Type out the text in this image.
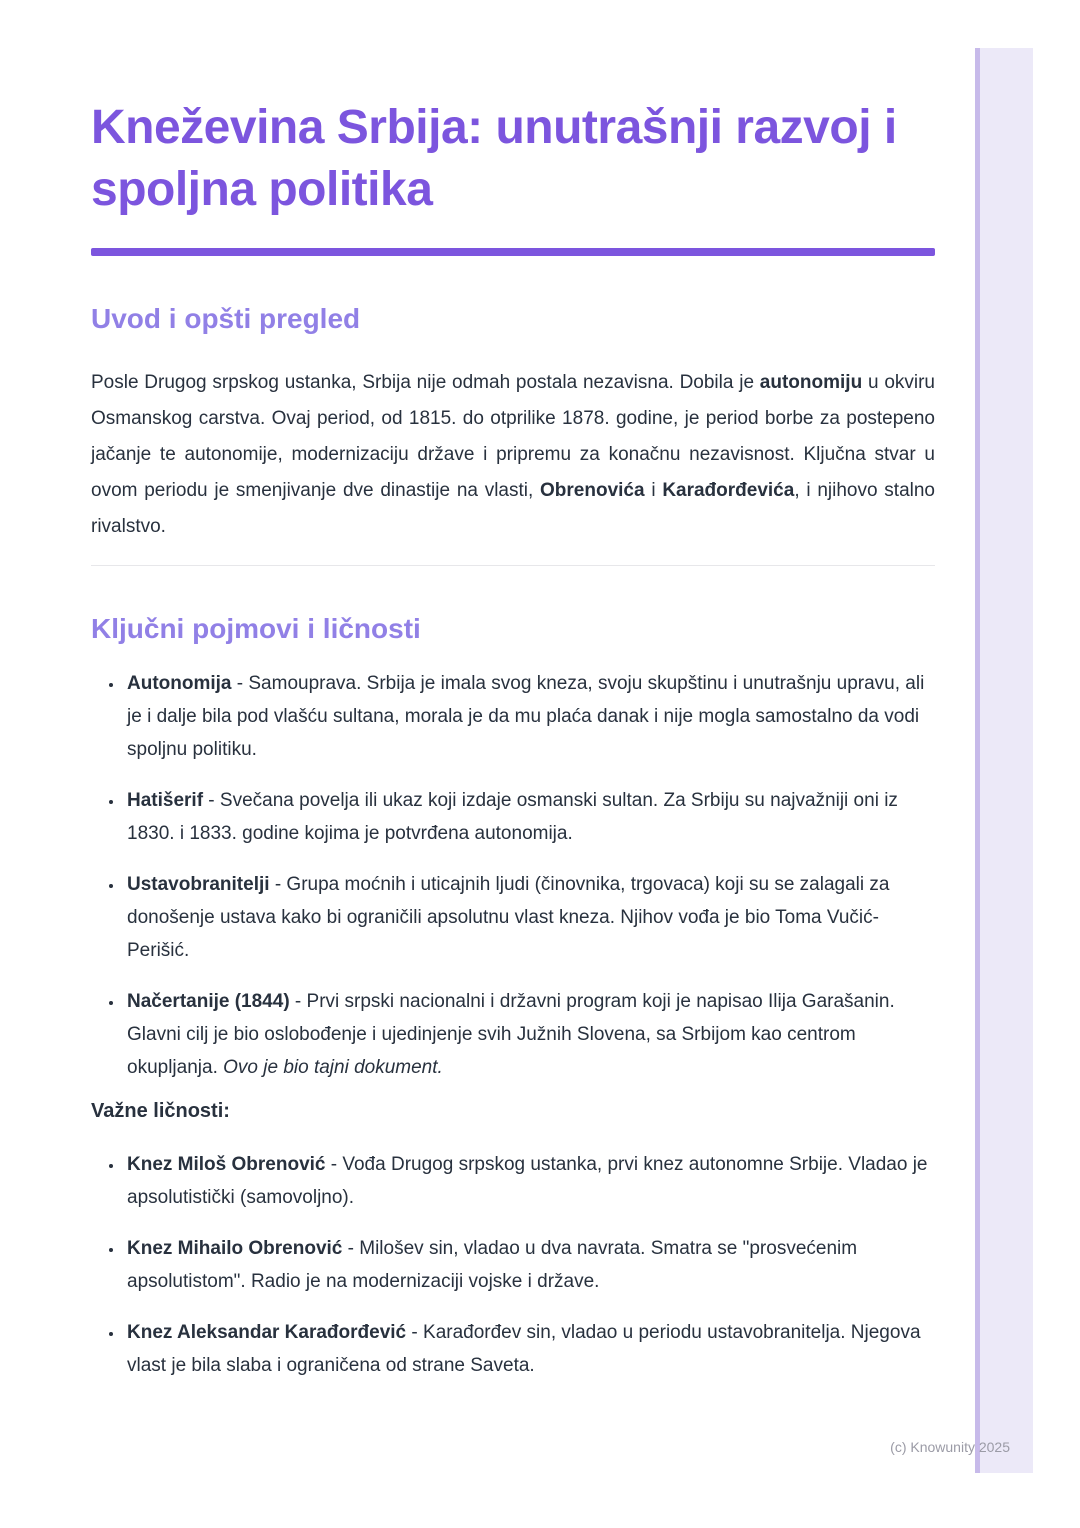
(c) Knowunity 2025
Kneževina Srbija: unutrašnji razvoj i spoljna politika
Uvod i opšti pregled

Posle Drugog srpskog ustanka, Srbija nije odmah postala nezavisna. Dobila je autonomiju u okviru Osmanskog carstva. Ovaj period, od 1815. do otprilike 1878. godine, je period borbe za postepeno jačanje te autonomije, modernizaciju države i pripremu za konačnu nezavisnost. Ključna stvar u ovom periodu je smenjivanje dve dinastije na vlasti, Obrenovića i Karađorđevića, i njihovo stalno rivalstvo.

Ključni pojmovi i ličnosti
• Autonomija - Samouprava. Srbija je imala svog kneza, svoju skupštinu i unutrašnju upravu, ali je i dalje bila pod vlašću sultana, morala je da mu plaća danak i nije mogla samostalno da vodi spoljnu politiku.
• Hatišerif - Svečana povelja ili ukaz koji izdaje osmanski sultan. Za Srbiju su najvažniji oni iz 1830. i 1833. godine kojima je potvrđena autonomija.
• Ustavobranitelji - Grupa moćnih i uticajnih ljudi (činovnika, trgovaca) koji su se zalagali za donošenje ustava kako bi ograničili apsolutnu vlast kneza. Njihov vođa je bio Toma Vučić-Perišić.
• Načertanije (1844) - Prvi srpski nacionalni i državni program koji je napisao Ilija Garašanin. Glavni cilj je bio oslobođenje i ujedinjenje svih Južnih Slovena, sa Srbijom kao centrom okupljanja. Ovo je bio tajni dokument.
Važne ličnosti:
• Knez Miloš Obrenović - Vođa Drugog srpskog ustanka, prvi knez autonomne Srbije. Vladao je apsolutistički (samovoljno).
• Knez Mihailo Obrenović - Milošev sin, vladao u dva navrata. Smatra se "prosvećenim apsolutistom". Radio je na modernizaciji vojske i države.
• Knez Aleksandar Karađorđević - Karađorđev sin, vladao u periodu ustavobranitelja. Njegova vlast je bila slaba i ograničena od strane Saveta.
